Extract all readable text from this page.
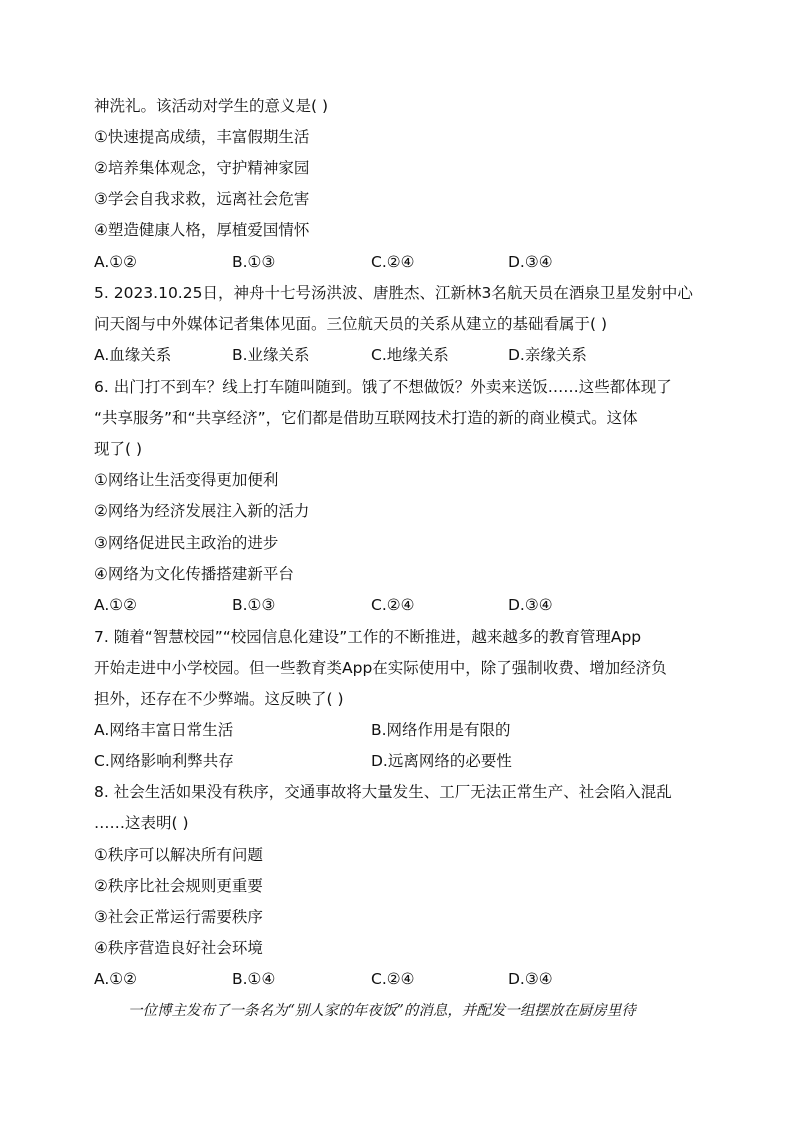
神洗礼。该活动对学生的意义是( )
①快速提高成绩，丰富假期生活
②培养集体观念，守护精神家园
③学会自我求救，远离社会危害
④塑造健康人格，厚植爱国情怀
A.①②	B.①③	C.②④	D.③④
5. 2023.10.25日，神舟十七号汤洪波、唐胜杰、江新林3名航天员在酒泉卫星发射中心
问天阁与中外媒体记者集体见面。三位航天员的关系从建立的基础看属于( )
A.血缘关系	B.业缘关系	C.地缘关系	D.亲缘关系
6. 出门打不到车？线上打车随叫随到。饿了不想做饭？外卖来送饭……这些都体现了
“共享服务”和“共享经济”，它们都是借助互联网技术打造的新的商业模式。这体
现了( )
①网络让生活变得更加便利
②网络为经济发展注入新的活力
③网络促进民主政治的进步
④网络为文化传播搭建新平台
A.①②	B.①③	C.②④	D.③④
7. 随着“智慧校园”“校园信息化建设”工作的不断推进，越来越多的教育管理App
开始走进中小学校园。但一些教育类App在实际使用中，除了强制收费、增加经济负
担外，还存在不少弊端。这反映了( )
A.网络丰富日常生活	B.网络作用是有限的
C.网络影响利弊共存	D.远离网络的必要性
8. 社会生活如果没有秩序，交通事故将大量发生、工厂无法正常生产、社会陷入混乱
……这表明( )
①秩序可以解决所有问题
②秩序比社会规则更重要
③社会正常运行需要秩序
④秩序营造良好社会环境
A.①②	B.①④	C.②④	D.③④
一位博主发布了一条名为“别人家的年夜饭”的消息，并配发一组摆放在厨房里待
